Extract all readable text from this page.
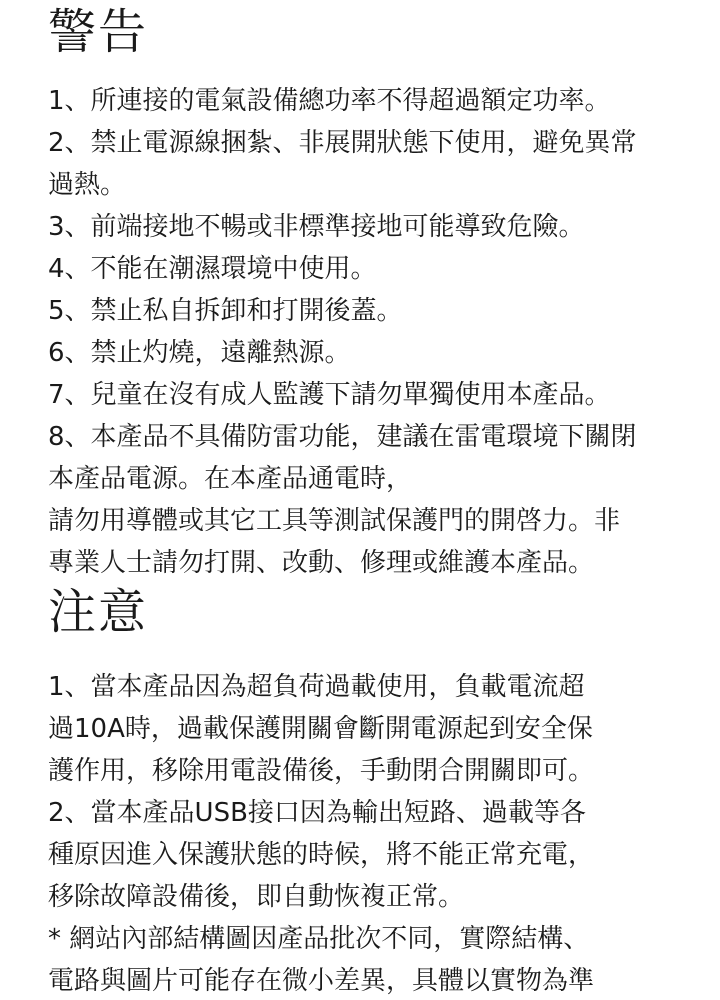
警告

1、所連接的電氣設備總功率不得超過額定功率。

2、禁止電源線捆紮、非展開狀態下使用，避免異常
過熱。

3、前端接地不暢或非標準接地可能導致危險。

4、不能在潮濕環境中使用。

5、禁止私自拆卸和打開後蓋。

6、禁止灼燒，遠離熱源。

7、兒童在沒有成人監護下請勿單獨使用本產品。

8、本產品不具備防雷功能，建議在雷電環境下關閉
本產品電源。在本產品通電時，
請勿用導體或其它工具等測試保護門的開啓力。非
專業人士請勿打開、改動、修理或維護本產品。

注意

1、當本產品因為超負荷過載使用，負載電流超
過10A時，過載保護開關會斷開電源起到安全保
護作用，移除用電設備後，手動閉合開關即可。

2、當本產品USB接口因為輸出短路、過載等各
種原因進入保護狀態的時候，將不能正常充電，
移除故障設備後，即自動恢複正常。

* 網站內部結構圖因產品批次不同，實際結構、
電路與圖片可能存在微小差異，具體以實物為準
